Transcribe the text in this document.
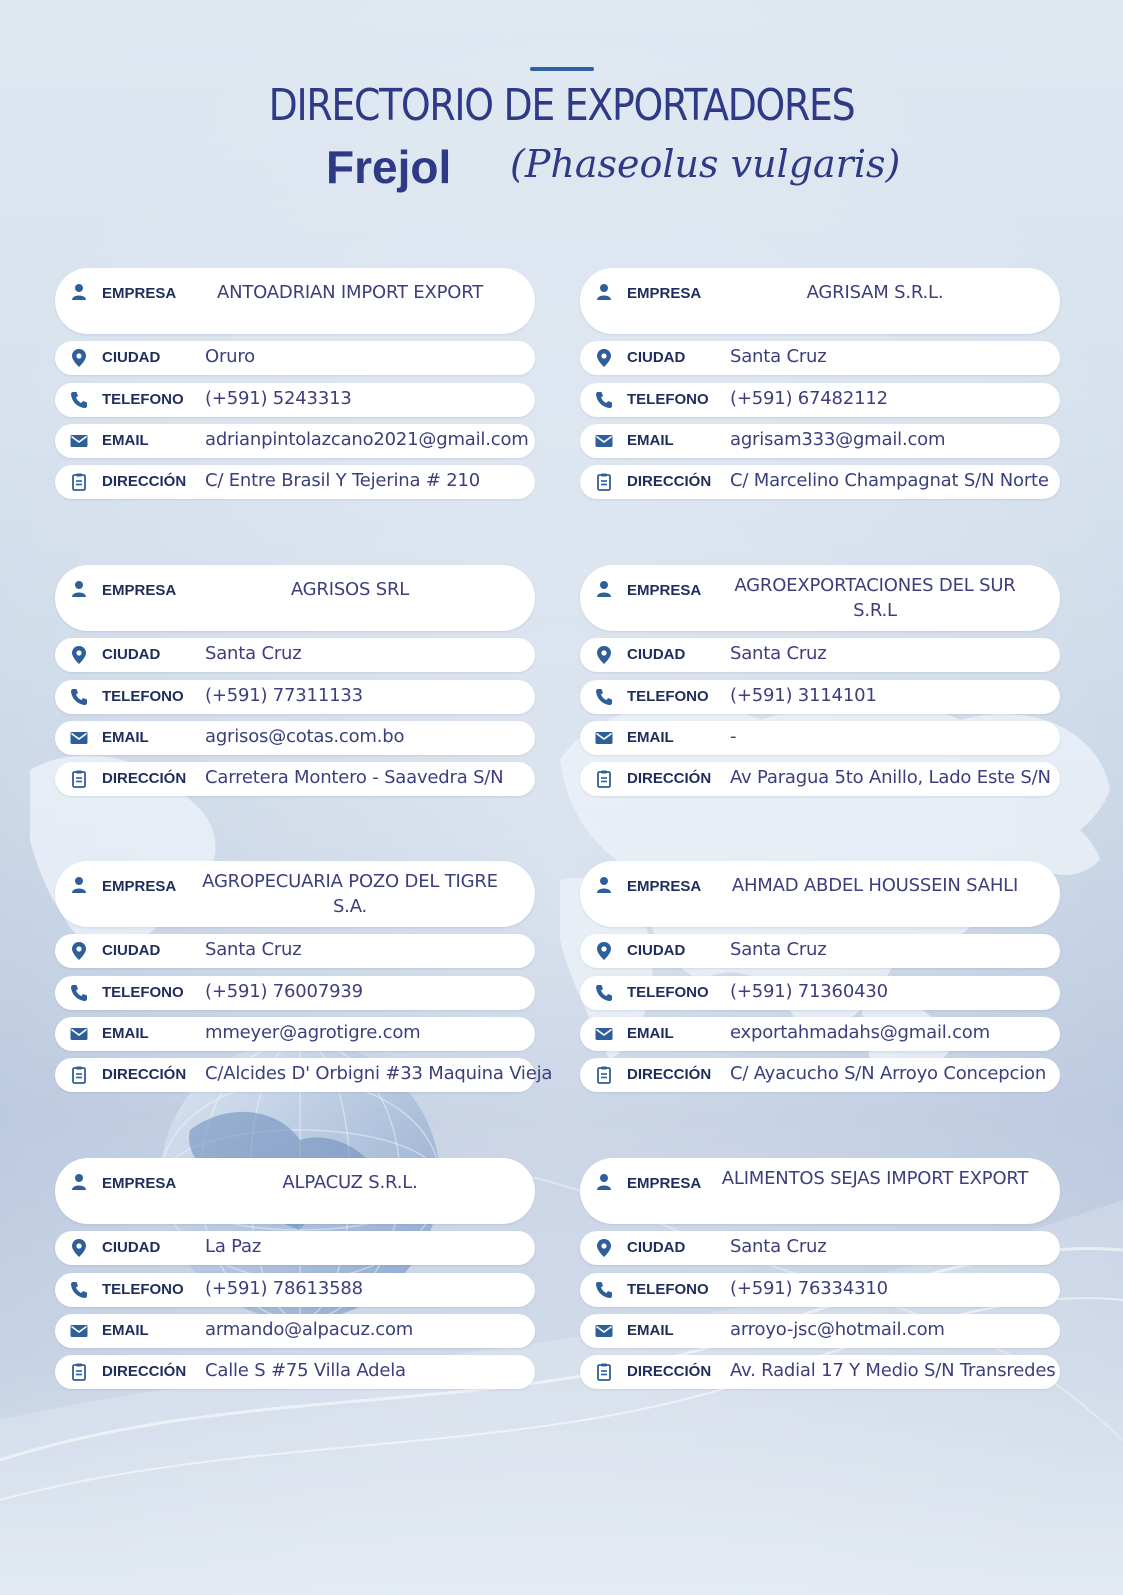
DIRECTORIO DE EXPORTADORES
Frejol (Phaseolus vulgaris)
EMPRESA	ANTOADRIAN IMPORT EXPORT
CIUDAD Oruro
TELEFONO (+591) 5243313
EMAIL	adrianpintolazcano2021@gmail.com
DIRECCIÓN C/ Entre Brasil Y Tejerina # 210
EMPRESA	AGRISAM S.R.L.
CIUDAD Santa Cruz
TELEFONO (+591) 67482112
EMAIL	agrisam333@gmail.com
DIRECCIÓN C/ Marcelino Champagnat S/N Norte
EMPRESA	AGRISOS SRL
CIUDAD Santa Cruz
TELEFONO (+591) 77311133
EMAIL	agrisos@cotas.com.bo
DIRECCIÓN Carretera Montero - Saavedra S/N
EMPRESA	AGROEXPORTACIONES DEL SUR S.R.L
CIUDAD Santa Cruz
TELEFONO (+591) 3114101
EMAIL	-
DIRECCIÓN Av Paragua 5to Anillo, Lado Este S/N
EMPRESA	AGROPECUARIA POZO DEL TIGRE S.A.
CIUDAD Santa Cruz
TELEFONO (+591) 76007939
EMAIL	mmeyer@agrotigre.com
DIRECCIÓN C/Alcides D' Orbigni #33 Maquina Vieja
EMPRESA	AHMAD ABDEL HOUSSEIN SAHLI
CIUDAD Santa Cruz
TELEFONO (+591) 71360430
EMAIL	exportahmadahs@gmail.com
DIRECCIÓN C/ Ayacucho S/N Arroyo Concepcion
EMPRESA	ALPACUZ S.R.L.
CIUDAD La Paz
TELEFONO (+591) 78613588
EMAIL	armando@alpacuz.com
DIRECCIÓN Calle S #75 Villa Adela
EMPRESA ALIMENTOS SEJAS IMPORT EXPORT
CIUDAD Santa Cruz
TELEFONO (+591) 76334310
EMAIL	arroyo-jsc@hotmail.com
DIRECCIÓN Av. Radial 17 Y Medio S/N Transredes
